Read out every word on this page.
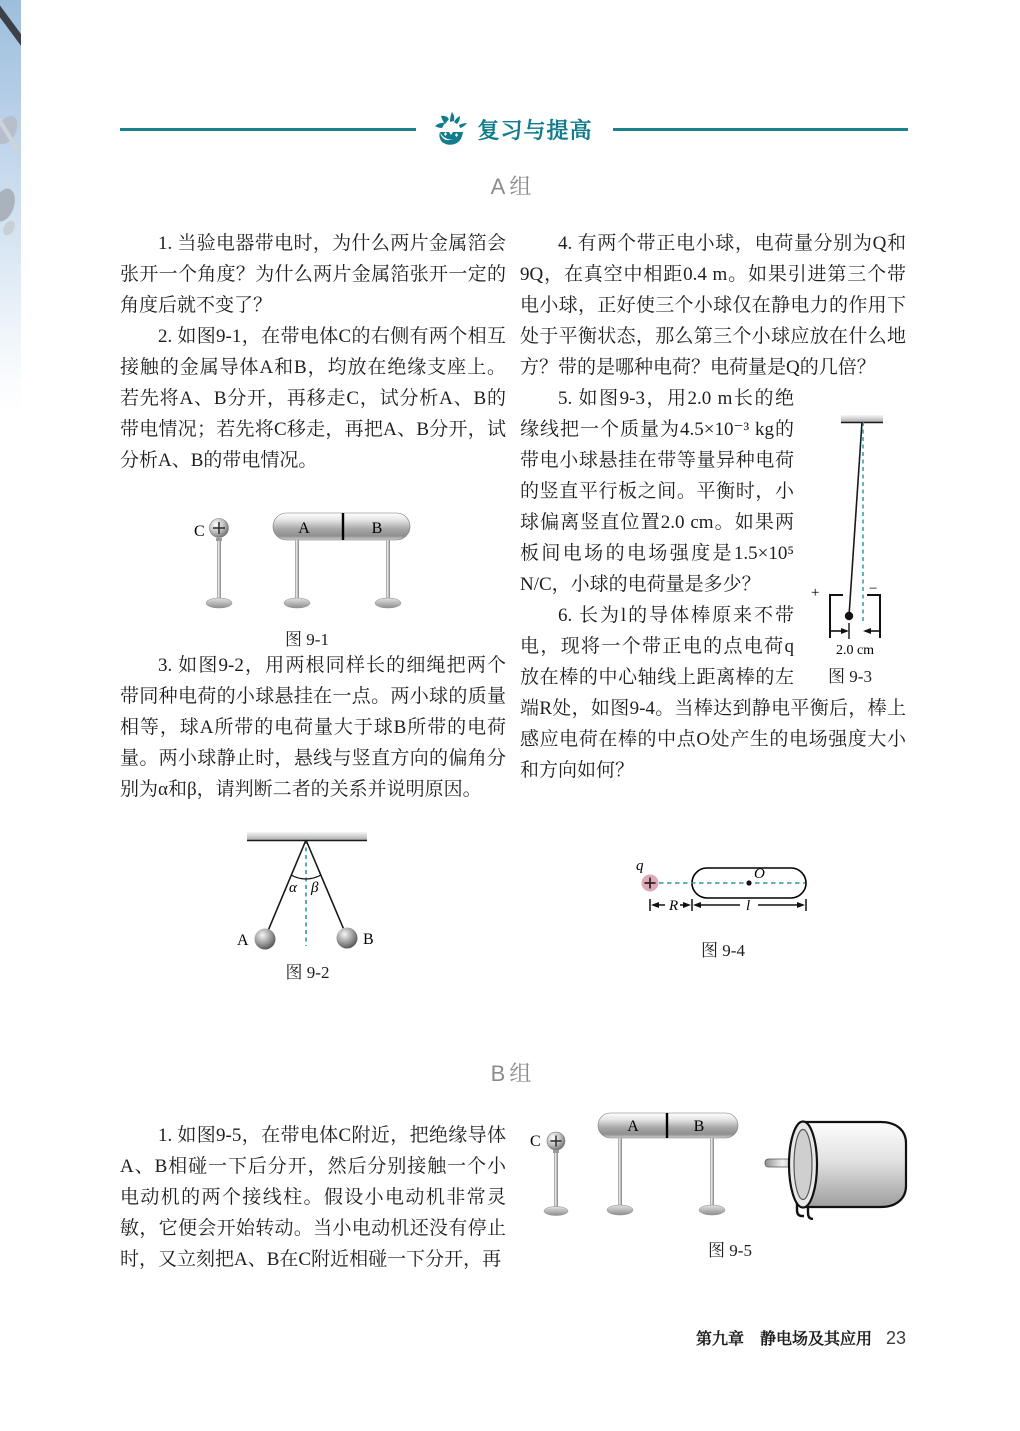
复习与提高
A组

1. 当验电器带电时，为什么两片金属箔会张开一个角度？为什么两片金属箔张开一定的角度后就不变了？

2. 如图9-1，在带电体C的右侧有两个相互接触的金属导体A和B，均放在绝缘支座上。若先将A、B分开，再移走C，试分析A、B的带电情况；若先将C移走，再把A、B分开，试分析A、B的带电情况。

C	A	B
图 9-1

3. 如图9-2，用两根同样长的细绳把两个带同种电荷的小球悬挂在一点。两小球的质量相等，球A所带的电荷量大于球B所带的电荷量。两小球静止时，悬线与竖直方向的偏角分别为α和β，请判断二者的关系并说明原因。

α β
A	B
图 9-2

4. 有两个带正电小球，电荷量分别为Q和9Q，在真空中相距0.4 m。如果引进第三个带电小球，正好使三个小球仅在静电力的作用下处于平衡状态，那么第三个小球应放在什么地方？带的是哪种电荷？电荷量是Q的几倍？

+	−
2.0 cm
图 9-3

5. 如图9-3，用2.0 m长的绝缘线把一个质量为4.5×10⁻³ kg的带电小球悬挂在带等量异种电荷的竖直平行板之间。平衡时，小球偏离竖直位置2.0 cm。如果两板间电场的电场强度是1.5×10⁵ N/C，小球的电荷量是多少？

6. 长为l的导体棒原来不带电，现将一个带正电的点电荷q放在棒的中心轴线上距离棒的左端R处，如图9-4。当棒达到静电平衡后，棒上感应电荷在棒的中点O处产生的电场强度大小和方向如何？

q	O
R	l
图 9-4
B组

1. 如图9-5，在带电体C附近，把绝缘导体A、B相碰一下后分开，然后分别接触一个小电动机的两个接线柱。假设小电动机非常灵敏，它便会开始转动。当小电动机还没有停止时，又立刻把A、B在C附近相碰一下分开，再

C
A	B
图 9-5
第九章　静电场及其应用 23
